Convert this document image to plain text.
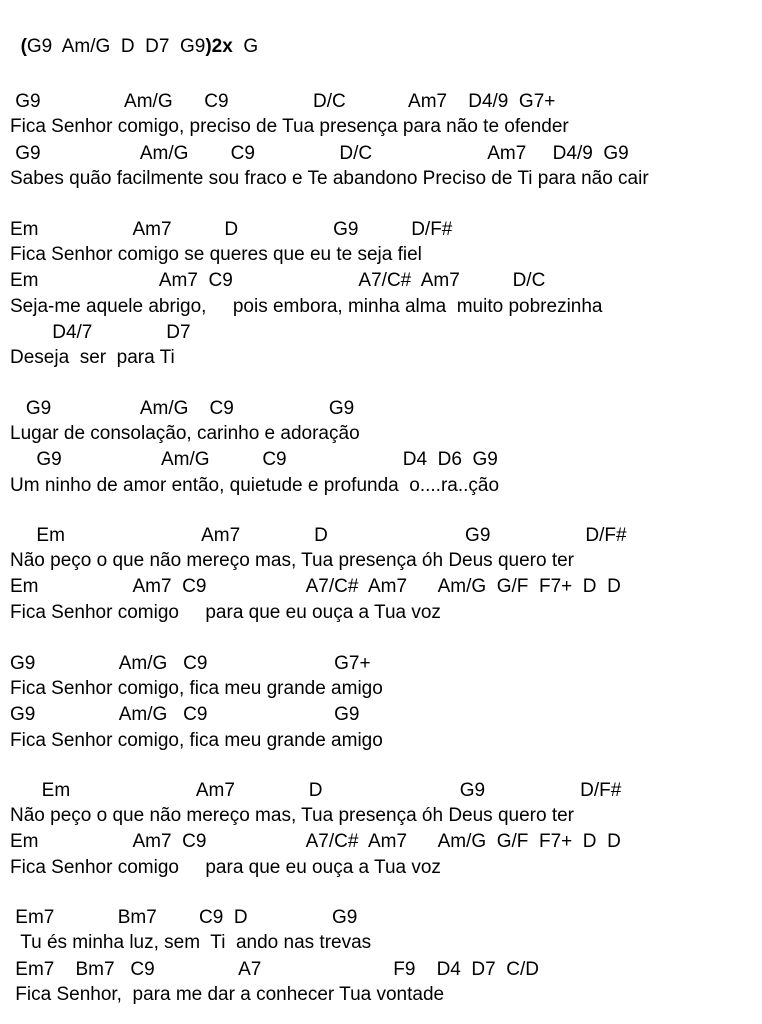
(G9  Am/G  D  D7  G9)2x  G

G9                Am/G      C9                D/C            Am7    D4/9  G7+

Fica Senhor comigo, preciso de Tua presença para não te ofender

G9                   Am/G        C9                D/C                      Am7     D4/9  G9

Sabes quão facilmente sou fraco e Te abandono Preciso de Ti para não cair

Em                  Am7          D                  G9          D/F#

Fica Senhor comigo se queres que eu te seja fiel

Em                       Am7  C9                        A7/C#  Am7          D/C

Seja-me aquele abrigo,     pois embora, minha alma  muito pobrezinha

D4/7              D7

Deseja  ser  para Ti

G9                 Am/G    C9                  G9

Lugar de consolação, carinho e adoração

G9                   Am/G          C9                      D4  D6  G9

Um ninho de amor então, quietude e profunda  o....ra..ção

Em                          Am7              D                          G9                  D/F#

Não peço o que não mereço mas, Tua presença óh Deus quero ter

Em                  Am7  C9                   A7/C#  Am7      Am/G  G/F  F7+  D  D

Fica Senhor comigo     para que eu ouça a Tua voz

G9                Am/G   C9                        G7+

Fica Senhor comigo, fica meu grande amigo

G9                Am/G   C9                        G9

Fica Senhor comigo, fica meu grande amigo

Em                        Am7              D                          G9                  D/F#

Não peço o que não mereço mas, Tua presença óh Deus quero ter

Em                  Am7  C9                   A7/C#  Am7      Am/G  G/F  F7+  D  D

Fica Senhor comigo     para que eu ouça a Tua voz

Em7            Bm7        C9  D                G9

Tu és minha luz, sem  Ti  ando nas trevas

Em7    Bm7   C9                A7                         F9    D4  D7  C/D

Fica Senhor,  para me dar a conhecer Tua vontade
